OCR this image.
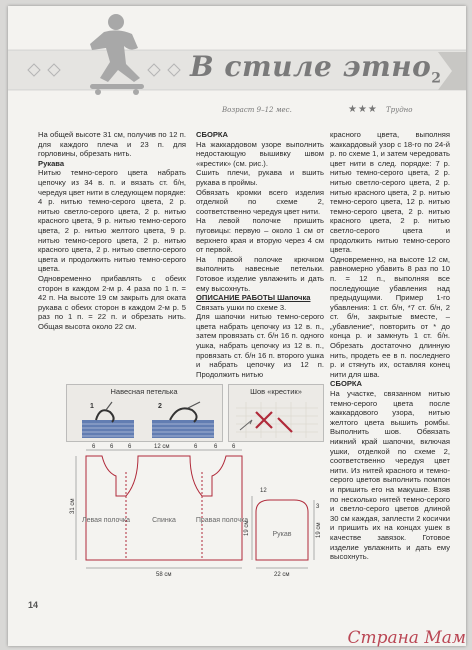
В стиле этно$_2$
Возраст 9–12 мес.	★★★ Трудно

На общей высоте 31 см, получив по 12 п. для каждого плеча и 23 п. для горловины, обрезать нить.

Рукава

Нитью темно-серого цвета набрать цепочку из 34 в. п. и вязать ст. б/н, чередуя цвет нити в следующем порядке:

4 р. нитью темно-серого цвета, 2 р. нитью светло-серого цвета, 2 р. нитью красного цвета, 9 р. нитью темно-серого цвета, 2 р. нитью желтого цвета, 9 р. нитью темно-серого цвета, 2 р. нитью красного цвета, 2 р. нитью светло-серого цвета и продолжить нитью темно-серого цвета.

Одновременно прибавлять с обеих сторон в каждом 2-м р. 4 раза по 1 п. = 42 п. На высоте 19 см закрыть для оката рукава с обеих сторон в каждом 2-м р. 5 раз по 1 п. = 22 п. и обрезать нить. Общая высота около 22 см.

СБОРКА

На жаккардовом узоре выполнить недостающую вышивку швом «крестик» (см. рис.).

Сшить плечи, рукава и вшить рукава в проймы.

Обвязать кромки всего изделия отделкой по схеме 2, соответственно чередуя цвет нити.

На левой полочке пришить пуговицы: первую – около 1 см от верхнего края и вторую через 4 см от первой.

На правой полочке крючком выполнить навесные петельки. Готовое изделие увлажнить и дать ему высохнуть.

ОПИСАНИЕ РАБОТЫ Шапочка

Связать ушки по схеме 3.

Для шапочки нитью темно-серого цвета набрать цепочку из 12 в. п., затем провязать ст. б/н 16 п. одного ушка, набрать цепочку из 12 в. п., провязать ст. б/н 16 п. второго ушка и набрать цепочку из 12 п. Продолжить нитью

красного цвета, выполняя жаккардовый узор с 18-го по 24-й р. по схеме 1, и затем чередовать цвет нити в след. порядке: 7 р. нитью темно-серого цвета, 2 р. нитью светло-серого цвета, 2 р. нитью красного цвета, 2 р. нитью темно-серого цвета, 12 р. нитью темно-серого цвета, 2 р. нитью красного цвета, 2 р. нитью светло-серого цвета и продолжить нитью темно-серого цвета.

Одновременно, на высоте 12 см, равномерно убавить 8 раз по 10 п. = 12 п., выполняя все последующие убавления над предыдущими. Пример 1-го убавления: 1 ст. б/н, *7 ст. б/н, 2 ст. б/н, закрытые вместе, – „убавление“, повторить от * до конца р. и замкнуть 1 ст. б/н. Обрезать достаточно длинную нить, продеть ее в п. последнего р. и стянуть их, оставляя конец нити для шва.

СБОРКА

На участке, связанном нитью темно-серого цвета после жаккардового узора, нитью желтого цвета вышить ромбы. Выполнить шов. Обвязать нижний край шапочки, включая ушки, отделкой по схеме 2, соответственно чередуя цвет нити. Из нитей красного и темно-серого цветов выполнить помпон и пришить его на макушке. Взяв по несколько нитей темно-серого и светло-серого цветов длиной 30 см каждая, заплести 2 косички и пришить их на концах ушек в качестве завязок. Готовое изделие увлажнить и дать ему высохнуть.

Навесная петелька	Шов «крестик»
1	2
6 6 6	12 см	6	6 6
58 см
31 см
19 см
12
22 см
19 см
3
Левая полочка	Спинка	Правая полочка
Рукав
14
Страна Мам
